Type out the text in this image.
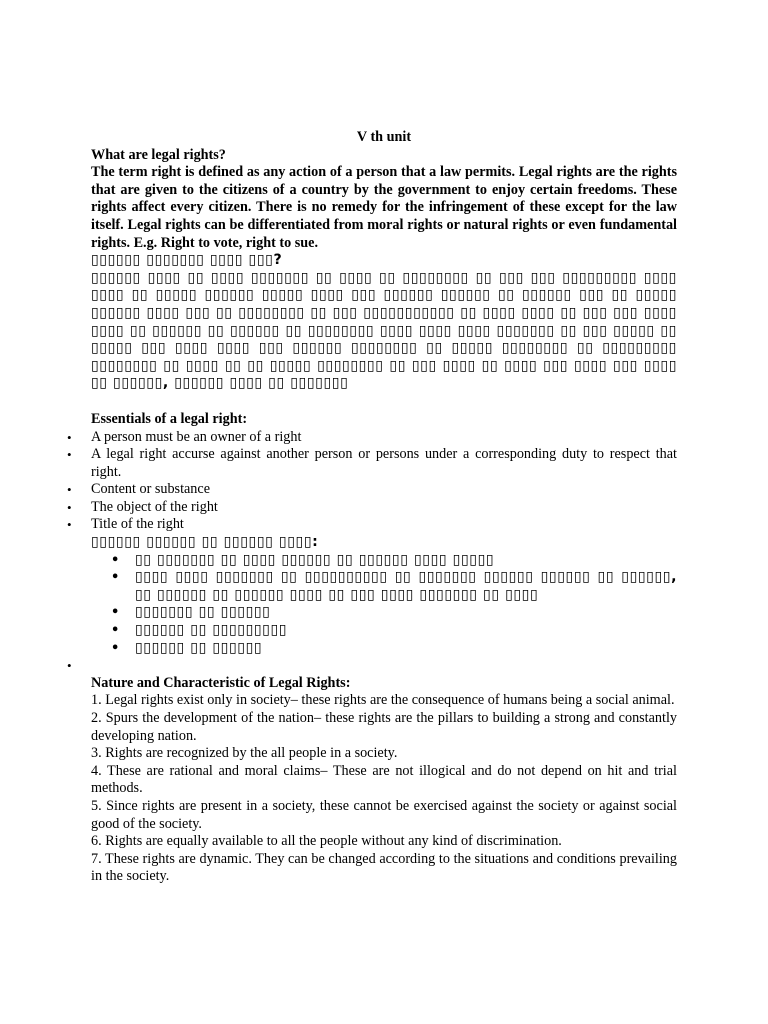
V th unit

What are legal rights?

The term right is defined as any action of a person that a law permits. Legal rights are the rights that are given to the citizens of a country by the government to enjoy certain freedoms. These rights affect every citizen. There is no remedy for the infringement of these except for the law itself. Legal rights can be differentiated from moral rights or natural rights or even fundamental rights. E.g. Right to vote, right to sue.

▯▯▯▯▯▯ ▯▯▯▯▯▯▯ ▯▯▯▯ ▯▯▯?

▯▯▯▯▯▯ ▯▯▯▯ ▯▯ ▯▯▯▯ ▯▯▯▯▯▯▯ ▯▯ ▯▯▯▯ ▯▯ ▯▯▯▯▯▯▯▯ ▯▯ ▯▯▯ ▯▯▯ ▯▯▯▯▯▯▯▯▯ ▯▯▯▯ ▯▯▯▯ ▯▯ ▯▯▯▯▯ ▯▯▯▯▯▯ ▯▯▯▯▯ ▯▯▯▯ ▯▯▯ ▯▯▯▯▯▯ ▯▯▯▯▯▯ ▯▯ ▯▯▯▯▯▯ ▯▯▯ ▯▯ ▯▯▯▯▯ ▯▯▯▯▯▯ ▯▯▯▯ ▯▯▯ ▯▯ ▯▯▯▯▯▯▯▯ ▯▯ ▯▯▯ ▯▯▯▯▯▯▯▯▯▯▯ ▯▯ ▯▯▯▯ ▯▯▯▯ ▯▯ ▯▯▯ ▯▯▯ ▯▯▯▯ ▯▯▯▯ ▯▯ ▯▯▯▯▯▯ ▯▯ ▯▯▯▯▯▯ ▯▯ ▯▯▯▯▯▯▯▯ ▯▯▯▯ ▯▯▯▯ ▯▯▯▯ ▯▯▯▯▯▯▯ ▯▯ ▯▯▯ ▯▯▯▯▯ ▯▯ ▯▯▯▯▯ ▯▯▯ ▯▯▯▯ ▯▯▯▯ ▯▯▯ ▯▯▯▯▯▯ ▯▯▯▯▯▯▯▯ ▯▯ ▯▯▯▯▯ ▯▯▯▯▯▯▯▯ ▯▯ ▯▯▯▯▯▯▯▯▯ ▯▯▯▯▯▯▯▯ ▯▯ ▯▯▯▯ ▯▯ ▯▯ ▯▯▯▯▯ ▯▯▯▯▯▯▯▯ ▯▯ ▯▯▯ ▯▯▯▯ ▯▯ ▯▯▯▯ ▯▯▯ ▯▯▯▯ ▯▯▯ ▯▯▯▯ ▯▯ ▯▯▯▯▯▯, ▯▯▯▯▯▯ ▯▯▯▯ ▯▯ ▯▯▯▯▯▯▯

Essentials of a legal right:

• A person must be an owner of a right
• A legal right accurse against another person or persons under a corresponding duty to respect that right.
• Content or substance
• The object of the right
• Title of the right

▯▯▯▯▯▯ ▯▯▯▯▯▯ ▯▯ ▯▯▯▯▯▯ ▯▯▯▯:

• ▯▯ ▯▯▯▯▯▯▯ ▯▯ ▯▯▯▯ ▯▯▯▯▯▯ ▯▯ ▯▯▯▯▯▯ ▯▯▯▯ ▯▯▯▯▯
• ▯▯▯▯ ▯▯▯▯ ▯▯▯▯▯▯▯ ▯▯ ▯▯▯▯▯▯▯▯▯▯ ▯▯ ▯▯▯▯▯▯▯ ▯▯▯▯▯▯ ▯▯▯▯▯▯ ▯▯ ▯▯▯▯▯▯, ▯▯ ▯▯▯▯▯▯ ▯▯ ▯▯▯▯▯▯ ▯▯▯▯ ▯▯ ▯▯▯ ▯▯▯▯ ▯▯▯▯▯▯▯ ▯▯ ▯▯▯▯
• ▯▯▯▯▯▯▯ ▯▯ ▯▯▯▯▯▯
• ▯▯▯▯▯▯ ▯▯ ▯▯▯▯▯▯▯▯▯
• ▯▯▯▯▯▯ ▯▯ ▯▯▯▯▯▯
•

Nature and Characteristic of Legal Rights:

1. Legal rights exist only in society– these rights are the consequence of humans being a social animal.

2. Spurs the development of the nation– these rights are the pillars to building a strong and constantly developing nation.

3. Rights are recognized by the all people in a society.

4. These are rational and moral claims– These are not illogical and do not depend on hit and trial methods.

5. Since rights are present in a society, these cannot be exercised against the society or against social good of the society.

6. Rights are equally available to all the people without any kind of discrimination.

7. These rights are dynamic. They can be changed according to the situations and conditions prevailing in the society.
